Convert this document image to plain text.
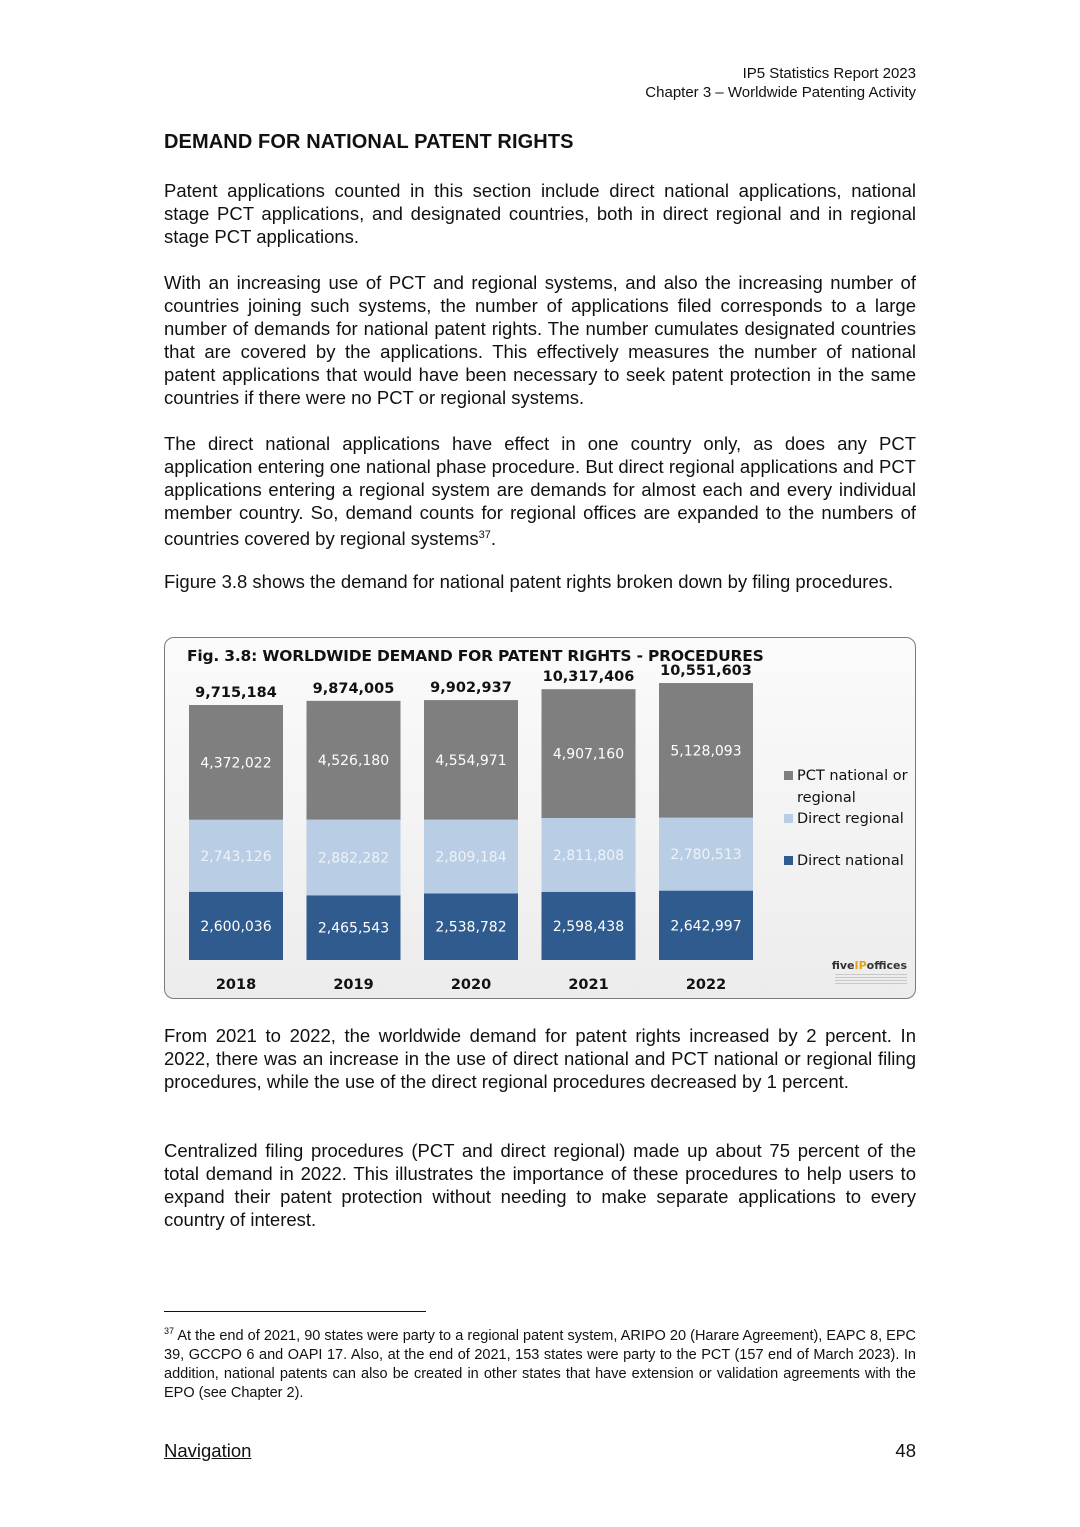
IP5 Statistics Report 2023
Chapter 3 – Worldwide Patenting Activity
DEMAND FOR NATIONAL PATENT RIGHTS
Patent applications counted in this section include direct national applications, national stage PCT applications, and designated countries, both in direct regional and in regional stage PCT applications.
With an increasing use of PCT and regional systems, and also the increasing number of countries joining such systems, the number of applications filed corresponds to a large number of demands for national patent rights. The number cumulates designated countries that are covered by the applications. This effectively measures the number of national patent applications that would have been necessary to seek patent protection in the same countries if there were no PCT or regional systems.
The direct national applications have effect in one country only, as does any PCT application entering one national phase procedure. But direct regional applications and PCT applications entering a regional system are demands for almost each and every individual member country. So, demand counts for regional offices are expanded to the numbers of countries covered by regional systems$^{37}$.
Figure 3.8 shows the demand for national patent rights broken down by filing procedures.
2,600,036
2,743,126
4,372,022
9,715,184
2018
2,465,543
2,882,282
4,526,180
9,874,005
2019
2,538,782
2,809,184
4,554,971
9,902,937
2020
2,598,438
2,811,808
4,907,160
10,317,406
2021
2,642,997
2,780,513
5,128,093
10,551,603
2022
PCT national or
regional
Direct regional
Direct national
Fig. 3.8: WORLDWIDE DEMAND FOR PATENT RIGHTS - PROCEDURES
fiveIPoffices
From 2021 to 2022, the worldwide demand for patent rights increased by 2 percent. In 2022, there was an increase in the use of direct national and PCT national or regional filing procedures, while the use of the direct regional procedures decreased by 1 percent.
Centralized filing procedures (PCT and direct regional) made up about 75 percent of the total demand in 2022. This illustrates the importance of these procedures to help users to expand their patent protection without needing to make separate applications to every country of interest.
$^{37}$ At the end of 2021, 90 states were party to a regional patent system, ARIPO 20 (Harare Agreement), EAPC 8, EPC 39, GCCPO 6 and OAPI 17. Also, at the end of 2021, 153 states were party to the PCT (157 end of March 2023). In addition, national patents can also be created in other states that have extension or validation agreements with the EPO (see Chapter 2).
Navigation	48
